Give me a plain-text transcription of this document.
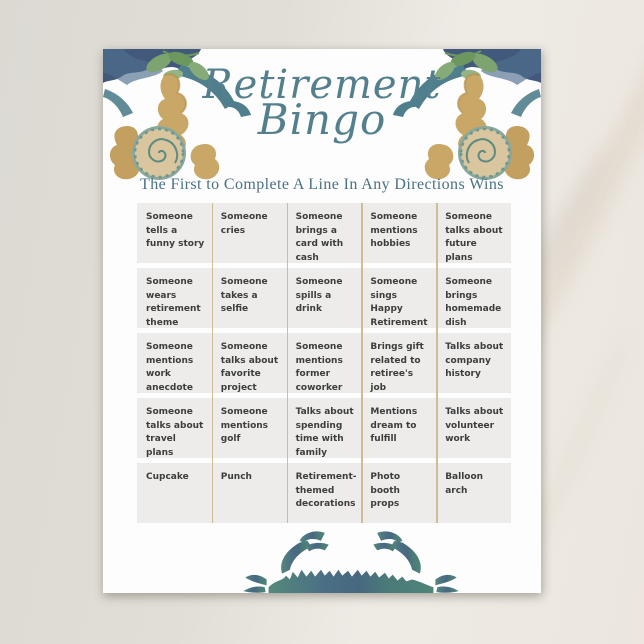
Retirement
Bingo
The First to Complete A Line In Any Directions Wins
Someone tells a funny story
Someone cries
Someone brings a card with cash
Someone mentions hobbies
Someone talks about future plans
Someone wears retirement theme
Someone takes a selfie
Someone spills a drink
Someone sings Happy Retirement
Someone brings homemade dish
Someone mentions work anecdote
Someone talks about favorite project
Someone mentions former coworker
Brings gift related to retiree's job
Talks about company history
Someone talks about travel plans
Someone mentions golf
Talks about spending time with family
Mentions dream to fulfill
Talks about volunteer work
Cupcake	Punch	Retirement-themed decorations
Photo booth props
Balloon arch
